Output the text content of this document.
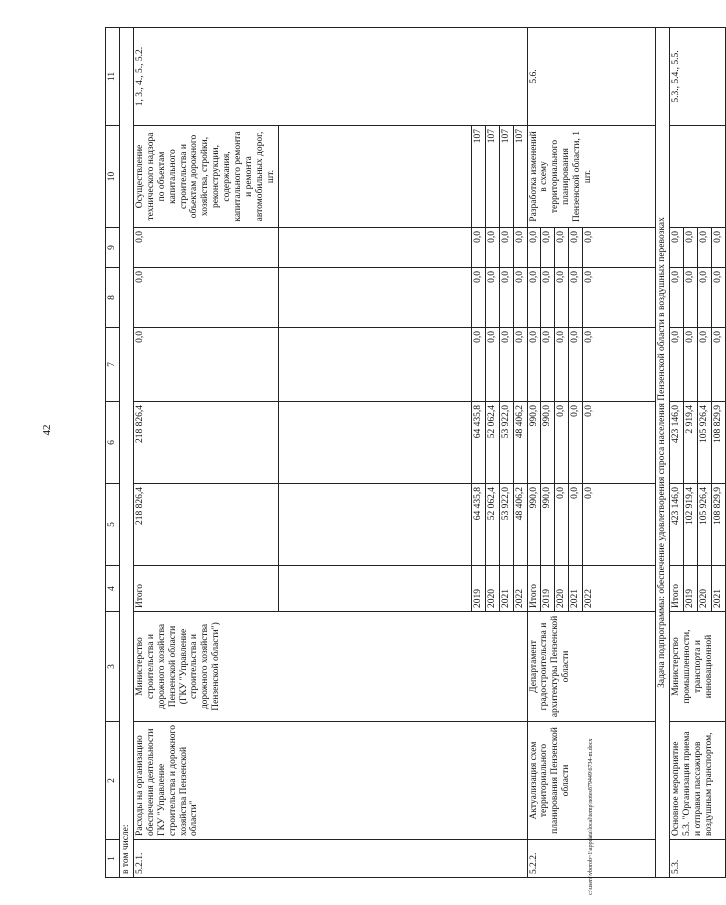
42
1	2	3	4	5	6	7	8	9	10	11
в том числе:										
5.2.1.	Расходы на организацию обеспечения деятельности ГКУ "Управление строительства и дорожного хозяйства Пензенской области"	Министерство строительства и дорожного хозяйства Пензенской области (ГКУ "Управление строительства и дорожного хозяйства Пензенской области")	Итого	218 826,4	218 826,4	0,0	0,0	0,0	Осуществление технического надзора по объектам капитального строительства и объектам дорожного хозяйства, стройки, реконструкции, содержания, капитального ремонта и ремонта автомобильных дорог, шт.	1, 3., 4., 5., 5.2.

			2019	64 435,8	64 435,8	0,0	0,0	0,0	107	
			2020	52 062,4	52 062,4	0,0	0,0	0,0	107	
			2021	53 922,0	53 922,0	0,0	0,0	0,0	107	
			2022	48 406,2	48 406,2	0,0	0,0	0,0	107	
5.2.2.	Актуализация схем территориального планирования Пензенской области	Департамент градостроительства и архитектуры Пензенской области	Итого	990,0	990,0	0,0	0,0	0,0	Разработка изменений в схему территориального планирования Пензенской области, 1 шт.	5.6.
			2019	990,0	990,0	0,0	0,0	0,0		
			2020	0,0	0,0	0,0	0,0	0,0		
			2021	0,0	0,0	0,0	0,0	0,0		
			2022	0,0	0,0	0,0	0,0	0,0		
Задача подпрограммы: обеспечение удовлетворения спроса населения Пензенской области в воздушных перевозках										
5.3.	Основное мероприятие 5.3. "Организация приема и отправки пассажиров воздушным транспортом,	Министерство промышленности, транспорта и инновационной	Итого	423 146,0	423 146,0	0,0	0,0	0,0		5.3., 5.4., 5.5.
			2019	102 919,4	2 919,4	0,0	0,0	0,0		
			2020	105 926,4	105 926,4	0,0	0,0	0,0		
			2021	108 829,9	108 829,9	0,0	0,0	0,0		
c:\users\vborob~1\appdata\local\temp\notes879449\6734-m.docx
